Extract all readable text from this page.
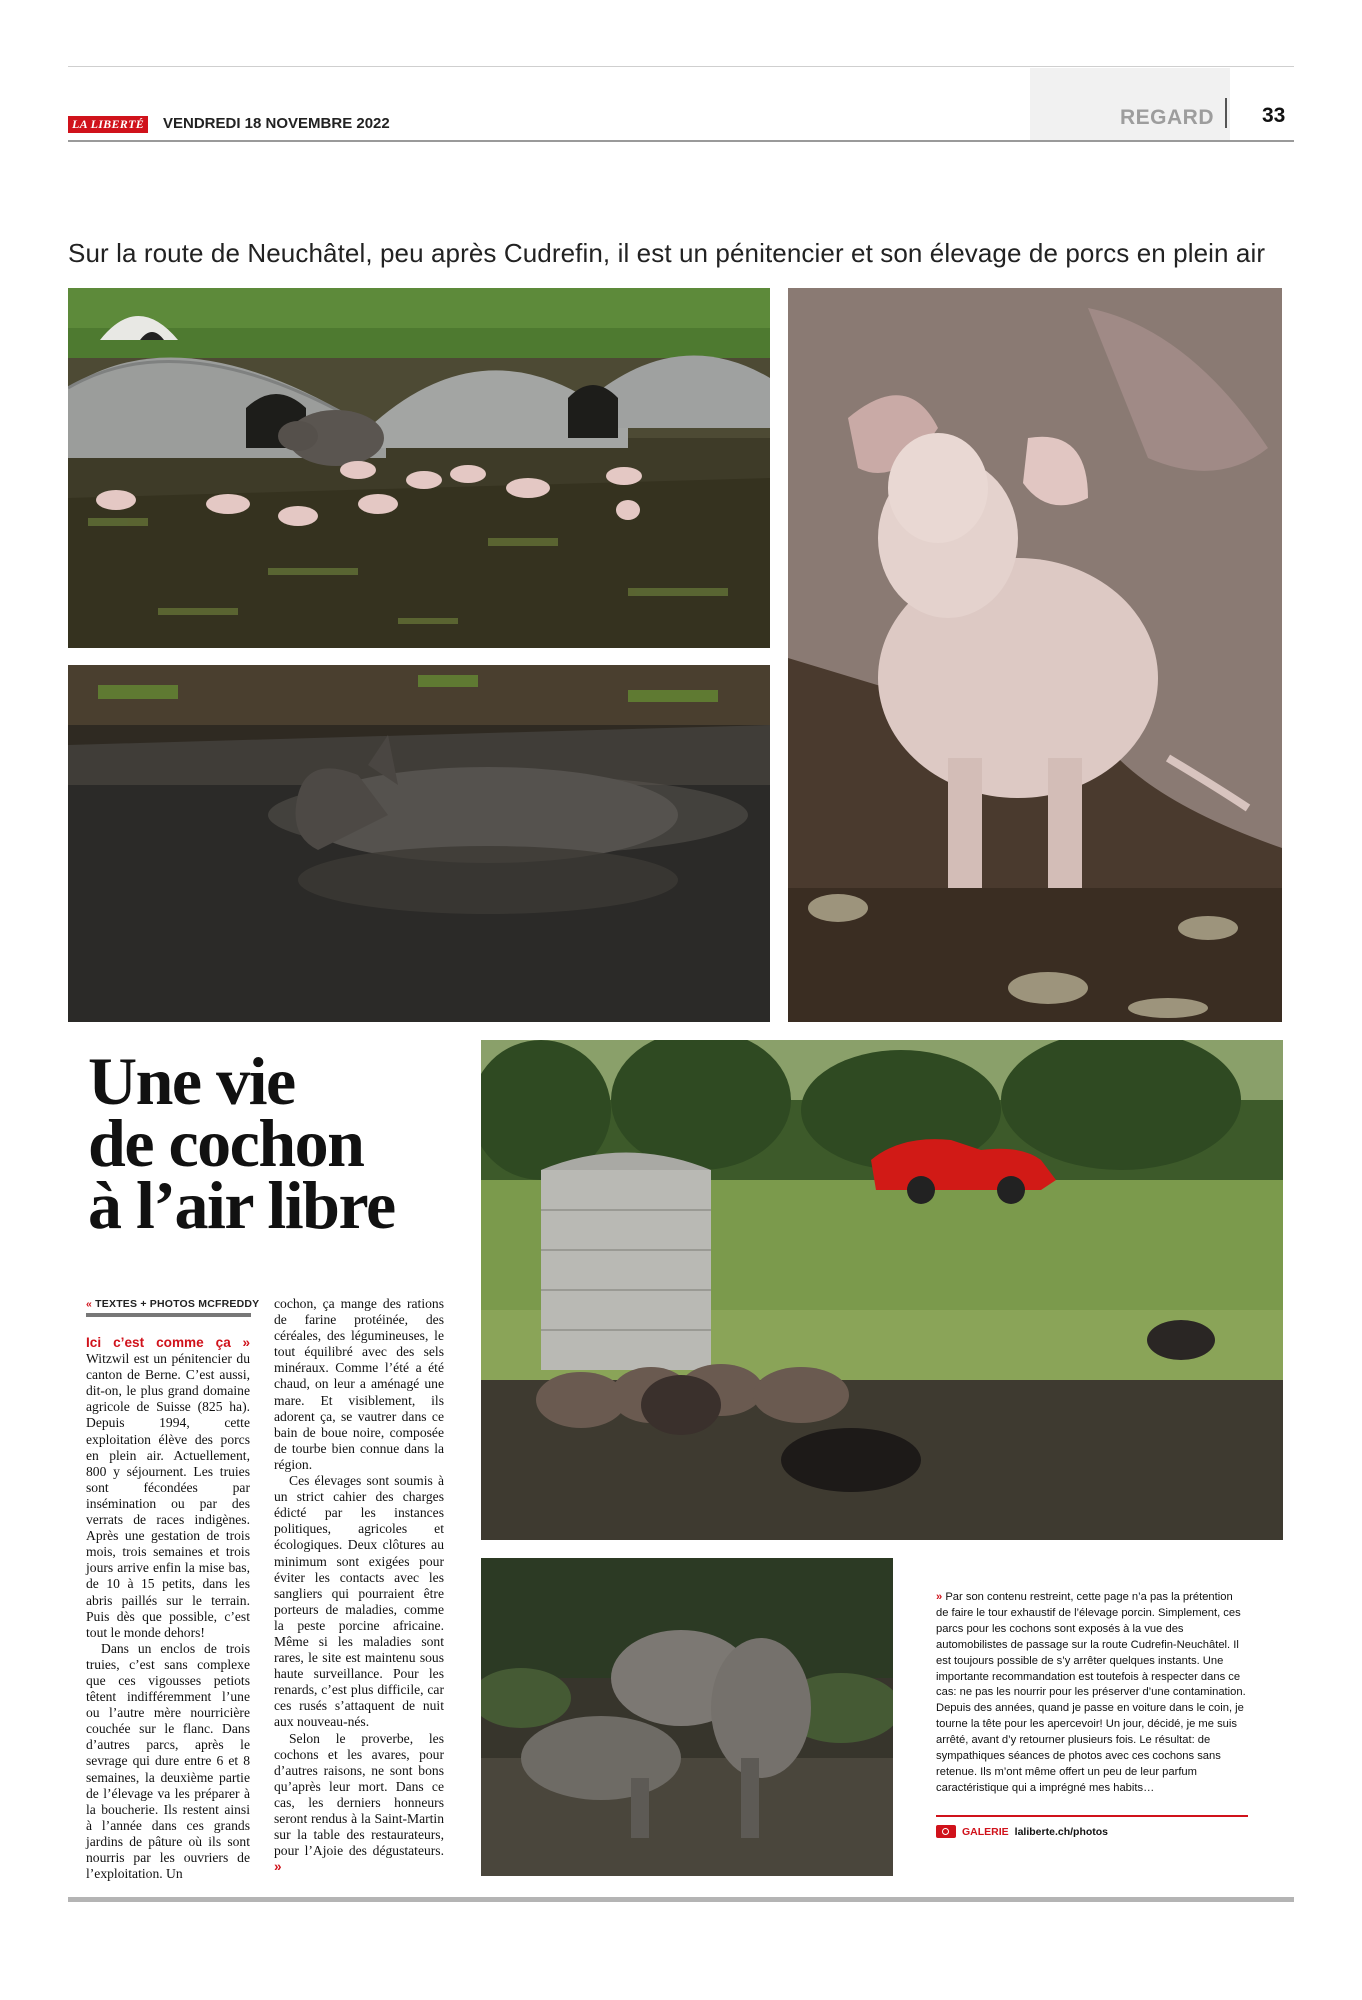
LA LIBERTÉ VENDREDI 18 NOVEMBRE 2022	REGARD 33
Sur la route de Neuchâtel, peu après Cudrefin, il est un pénitencier et son élevage de porcs en plein air
Une vie
de cochon
à l’air libre
« TEXTES + PHOTOS MCFREDDY

Ici c’est comme ça » Witzwil est un pénitencier du canton de Berne. C’est aussi, dit-on, le plus grand domaine agricole de Suisse (825 ha). Depuis 1994, cette exploitation élève des porcs en plein air. Actuellement, 800 y séjournent. Les truies sont fécondées par insémination ou par des verrats de races indigènes. Après une gestation de trois mois, trois semaines et trois jours arrive enfin la mise bas, de 10 à 15 petits, dans les abris paillés sur le terrain. Puis dès que possible, c’est tout le monde dehors!

Dans un enclos de trois truies, c’est sans complexe que ces vigousses petiots têtent indifféremment l’une ou l’autre mère nourricière couchée sur le flanc. Dans d’autres parcs, après le sevrage qui dure entre 6 et 8 semaines, la deuxième partie de l’élevage va les préparer à la boucherie. Ils restent ainsi à l’année dans ces grands jardins de pâture où ils sont nourris par les ouvriers de l’exploitation. Un

cochon, ça mange des rations de farine protéinée, des céréales, des légumineuses, le tout équilibré avec des sels minéraux. Comme l’été a été chaud, on leur a aménagé une mare. Et visiblement, ils adorent ça, se vautrer dans ce bain de boue noire, composée de tourbe bien connue dans la région.

Ces élevages sont soumis à un strict cahier des charges édicté par les instances politiques, agricoles et écologiques. Deux clôtures au minimum sont exigées pour éviter les contacts avec les sangliers qui pourraient être porteurs de maladies, comme la peste porcine africaine. Même si les maladies sont rares, le site est maintenu sous haute surveillance. Pour les renards, c’est plus difficile, car ces rusés s’attaquent de nuit aux nouveau-nés.

Selon le proverbe, les cochons et les avares, pour d’autres raisons, ne sont bons qu’après leur mort. Dans ce cas, les derniers honneurs seront rendus à la Saint-Martin sur la table des restaurateurs, pour l’Ajoie des dégustateurs. »

» Par son contenu restreint, cette page n’a pas la prétention de faire le tour exhaustif de l’élevage porcin. Simplement, ces parcs pour les cochons sont exposés à la vue des automobilistes de passage sur la route Cudrefin-Neuchâtel. Il est toujours possible de s’y arrêter quelques instants. Une importante recommandation est toutefois à respecter dans ce cas: ne pas les nourrir pour les préserver d’une contamination. Depuis des années, quand je passe en voiture dans le coin, je tourne la tête pour les apercevoir! Un jour, décidé, je me suis arrêté, avant d’y retourner plusieurs fois. Le résultat: de sympathiques séances de photos avec ces cochons sans retenue. Ils m’ont même offert un peu de leur parfum caractéristique qui a imprégné mes habits…
GALERIE laliberte.ch/photos
